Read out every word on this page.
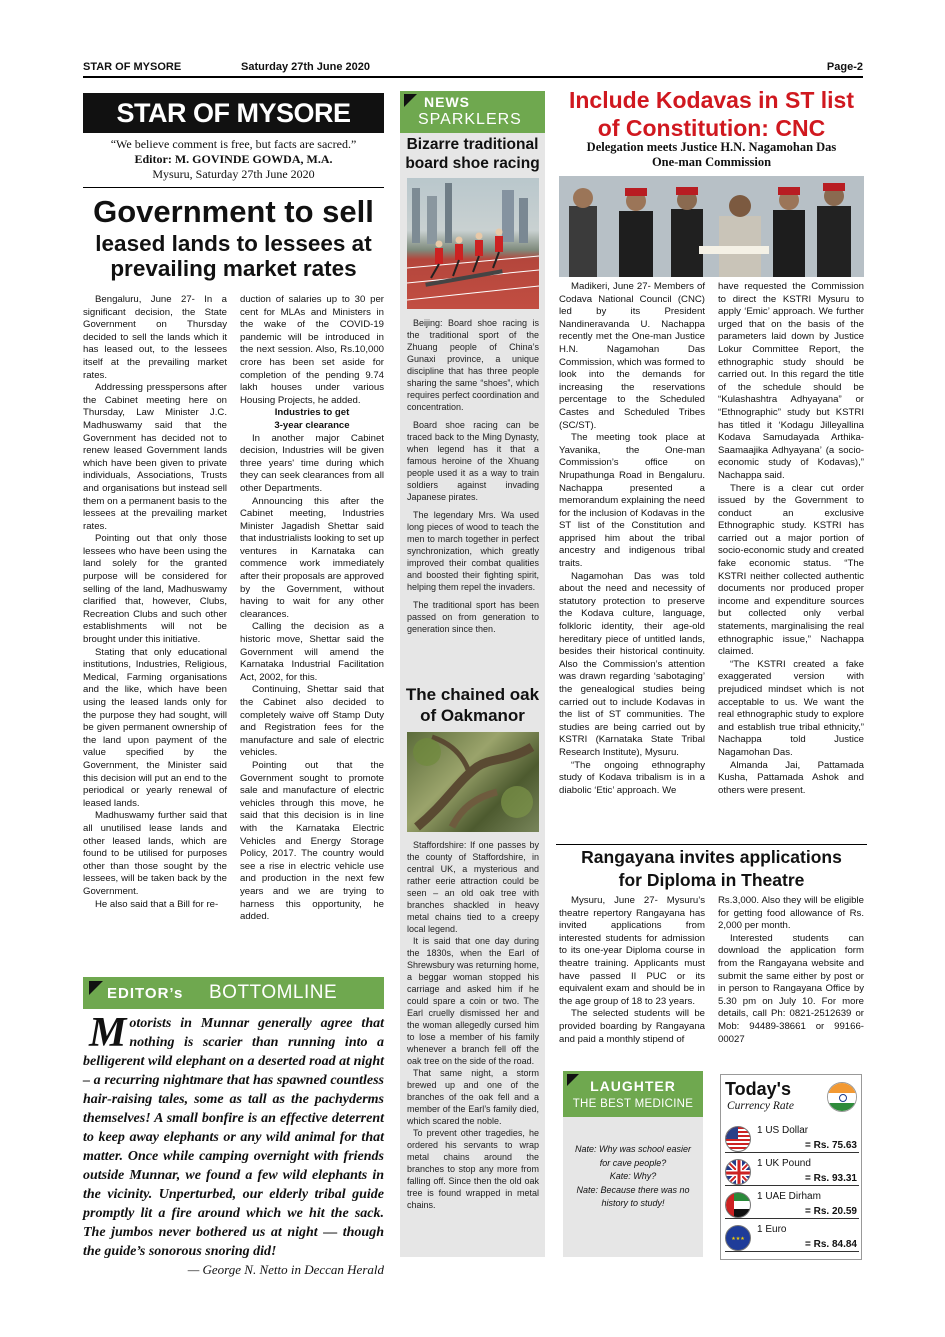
STAR OF MYSORE	Saturday 27th June 2020	Page-2
STAR OF MYSORE
“We believe comment is free, but facts are sacred.”
Editor: M. GOVINDE GOWDA, M.A.
Mysuru, Saturday 27th June 2020
Government to sell
leased lands to lessees at
prevailing market rates

Bengaluru, June 27- In a significant decision, the State Government on Thursday decided to sell the lands which it has leased out, to the lessees itself at the prevailing market rates.

Addressing presspersons after the Cabinet meeting here on Thursday, Law Minister J.C. Madhuswamy said that the Government has decided not to renew leased Government lands which have been given to private individuals, Associations, Trusts and organisations but instead sell them on a permanent basis to the lessees at the prevailing market rates.

Pointing out that only those lessees who have been using the land solely for the granted purpose will be considered for selling of the land, Madhuswamy clarified that, however, Clubs, Recreation Clubs and such other establishments will not be brought under this initiative.

Stating that only educational institutions, Industries, Religious, Medical, Farming organisations and the like, which have been using the leased lands only for the purpose they had sought, will be given permanent ownership of the land upon payment of the value specified by the Government, the Minister said this decision will put an end to the periodical or yearly renewal of leased lands.

Madhuswamy further said that all unutilised lease lands and other leased lands, which are found to be utilised for purposes other than those sought by the lessees, will be taken back by the Government.

He also said that a Bill for re-

duction of salaries up to 30 per cent for MLAs and Ministers in the wake of the COVID-19 pandemic will be introduced in the next session. Also, Rs.10,000 crore has been set aside for completion of the pending 9.74 lakh houses under various Housing Projects, he added.

Industries to get

3-year clearance

In another major Cabinet decision, Industries will be given three years' time during which they can seek clearances from all other Departments.

Announcing this after the Cabinet meeting, Industries Minister Jagadish Shettar said that industrialists looking to set up ventures in Karnataka can commence work immediately after their proposals are approved by the Government, without having to wait for any other clearances.

Calling the decision as a historic move, Shettar said the Government will amend the Karnataka Industrial Facilitation Act, 2002, for this.

Continuing, Shettar said that the Cabinet also decided to completely waive off Stamp Duty and Registration fees for the manufacture and sale of electric vehicles.

Pointing out that the Government sought to promote sale and manufacture of electric vehicles through this move, he said that this decision is in line with the Karnataka Electric Vehicles and Energy Storage Policy, 2017. The country would see a rise in electric vehicle use and production in the next few years and we are trying to harness this opportunity, he added.

EDITOR’s BOTTOMLINE

Motorists in Munnar generally agree that nothing is scarier than running into a belligerent wild elephant on a deserted road at night – a recurring nightmare that has spawned countless hair-raising tales, some as tall as the pachyderms themselves! A small bonfire is an effective deterrent to keep away elephants or any wild animal for that matter. Once while camping overnight with friends outside Munnar, we found a few wild elephants in the vicinity. Unperturbed, our elderly tribal guide promptly lit a fire around which we hit the sack. The jumbos never bothered us at night — though the guide’s sonorous snoring did!

— George N. Netto in Deccan Herald

NEWS
SPARKLERS
Bizarre traditional
board shoe racing

Beijing: Board shoe racing is the traditional sport of the Zhuang people of China’s Gunaxi province, a unique discipline that has three people sharing the same “shoes”, which requires perfect coordination and concentration.

Board shoe racing can be traced back to the Ming Dynasty, when legend has it that a famous heroine of the Xhuang people used it as a way to train soldiers against invading Japanese pirates.

The legendary Mrs. Wa used long pieces of wood to teach the men to march together in perfect synchronization, which greatly improved their combat qualities and boosted their fighting spirit, helping them repel the invaders.

The traditional sport has been passed on from generation to generation since then.

The chained oak
of Oakmanor

Staffordshire: If one passes by the county of Staffordshire, in central UK, a mysterious and rather eerie attraction could be seen – an old oak tree with branches shackled in heavy metal chains tied to a creepy local legend.

It is said that one day during the 1830s, when the Earl of Shrewsbury was returning home, a beggar woman stopped his carriage and asked him if he could spare a coin or two. The Earl cruelly dismissed her and the woman allegedly cursed him to lose a member of his family whenever a branch fell off the oak tree on the side of the road.

That same night, a storm brewed up and one of the branches of the oak fell and a member of the Earl’s family died, which scared the noble.

To prevent other tragedies, he ordered his servants to wrap metal chains around the branches to stop any more from falling off. Since then the old oak tree is found wrapped in metal chains.

Include Kodavas in ST list
of Constitution: CNC
Delegation meets Justice H.N. Nagamohan Das
One-man Commission

Madikeri, June 27- Members of Codava National Council (CNC) led by its President Nandineravanda U. Nachappa recently met the One-man Justice H.N. Nagamohan Das Commission, which was formed to look into the demands for increasing the reservations percentage to the Scheduled Castes and Scheduled Tribes (SC/ST).

The meeting took place at Yavanika, the One-man Commission’s office on Nrupathunga Road in Bengaluru. Nachappa presented a memorandum explaining the need for the inclusion of Kodavas in the ST list of the Constitution and apprised him about the tribal ancestry and indigenous tribal traits.

Nagamohan Das was told about the need and necessity of statutory protection to preserve the Kodava culture, language, folkloric identity, their age-old hereditary piece of untitled lands, besides their historical continuity. Also the Commission’s attention was drawn regarding ‘sabotaging’ the genealogical studies being carried out to include Kodavas in the list of ST communities. The studies are being carried out by KSTRI (Karnataka State Tribal Research Institute), Mysuru.

“The ongoing ethnography study of Kodava tribalism is in a diabolic ‘Etic’ approach. We

have requested the Commission to direct the KSTRI Mysuru to apply ‘Emic’ approach. We further urged that on the basis of the parameters laid down by Justice Lokur Committee Report, the ethnographic study should be carried out. In this regard the title of the schedule should be “Kulashashtra Adhyayana” or “Ethnographic” study but KSTRI has titled it ‘Kodagu Jilleyallina Kodava Samudayada Arthika-Saamaajika Adhyayana’ (a socio-economic study of Kodavas),” Nachappa said.

There is a clear cut order issued by the Government to conduct an exclusive Ethnographic study. KSTRI has carried out a major portion of socio-economic study and created fake economic status. “The KSTRI neither collected authentic documents nor produced proper income and expenditure sources but collected only verbal statements, marginalising the real ethnographic issue,” Nachappa claimed.

“The KSTRI created a fake exaggerated version with prejudiced mindset which is not acceptable to us. We want the real ethnographic study to explore and establish true tribal ethnicity,” Nachappa told Justice Nagamohan Das.

Almanda Jai, Pattamada Kusha, Pattamada Ashok and others were present.

Rangayana invites applications
for Diploma in Theatre

Mysuru, June 27- Mysuru’s theatre repertory Rangayana has invited applications from interested students for admission to its one-year Diploma course in theatre training. Applicants must have passed II PUC or its equivalent exam and should be in the age group of 18 to 23 years.

The selected students will be provided boarding by Rangayana and paid a monthly stipend of

Rs.3,000. Also they will be eligible for getting food allowance of Rs. 2,000 per month.

Interested students can download the application form from the Rangayana website and submit the same either by post or in person to Rangayana Office by 5.30 pm on July 10. For more details, call Ph: 0821-2512639 or Mob: 94489-38661 or 99166-00027

LAUGHTER
THE BEST MEDICINE
Nate: Why was school easier
for cave people?
Kate: Why?
Nate: Because there was no
history to study!
Today's
Currency Rate
1 US Dollar
= Rs. 75.63
1 UK Pound
= Rs. 93.31
1 UAE Dirham
= Rs. 20.59
★★★
1 Euro
= Rs. 84.84
